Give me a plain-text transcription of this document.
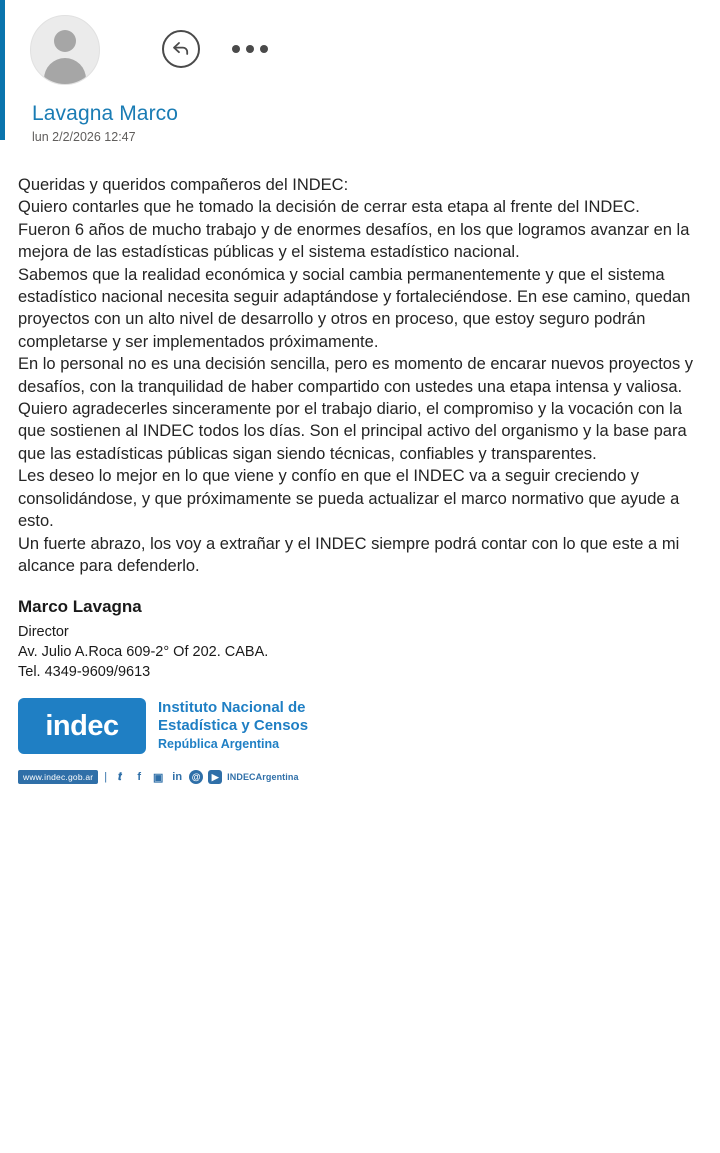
Lavagna Marco
lun 2/2/2026 12:47

Queridas y queridos compañeros del INDEC:

Quiero contarles que he tomado la decisión de cerrar esta etapa al frente del INDEC.

Fueron 6 años de mucho trabajo y de enormes desafíos, en los que logramos avanzar en la mejora de las estadísticas públicas y el sistema estadístico nacional.

Sabemos que la realidad económica y social cambia permanentemente y que el sistema estadístico nacional necesita seguir adaptándose y fortaleciéndose. En ese camino, quedan proyectos con un alto nivel de desarrollo y otros en proceso, que estoy seguro podrán completarse y ser implementados próximamente.

En lo personal no es una decisión sencilla, pero es momento de encarar nuevos proyectos y desafíos, con la tranquilidad de haber compartido con ustedes una etapa intensa y valiosa.

Quiero agradecerles sinceramente por el trabajo diario, el compromiso y la vocación con la que sostienen al INDEC todos los días. Son el principal activo del organismo y la base para que las estadísticas públicas sigan siendo técnicas, confiables y transparentes.

Les deseo lo mejor en lo que viene y confío en que el INDEC va a seguir creciendo y consolidándose, y que próximamente se pueda actualizar el marco normativo que ayude a esto.

Un fuerte abrazo, los voy a extrañar y el INDEC siempre podrá contar con lo que este a mi alcance para defenderlo.

Marco Lavagna
Director
Av. Julio A.Roca 609-2° Of 202. CABA.
Tel. 4349-9609/9613
indec
Instituto Nacional de
Estadística y Censos
República Argentina
www.indec.gob.ar	|	𝒕	f	▣ in @	▶ INDECArgentina
